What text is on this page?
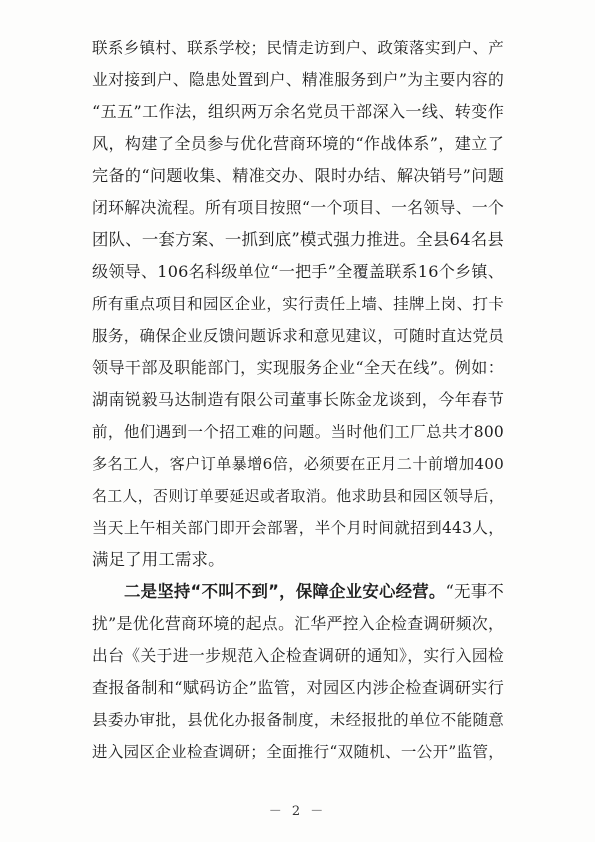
联系乡镇村、联系学校；民情走访到户、政策落实到户、产
业对接到户、隐患处置到户、精准服务到户”为主要内容的
“五五”工作法，组织两万余名党员干部深入一线、转变作
风，构建了全员参与优化营商环境的“作战体系”，建立了
完备的“问题收集、精准交办、限时办结、解决销号”问题
闭环解决流程。所有项目按照“一个项目、一名领导、一个
团队、一套方案、一抓到底”模式强力推进。全县64名县
级领导、106名科级单位“一把手”全覆盖联系16个乡镇、
所有重点项目和园区企业，实行责任上墙、挂牌上岗、打卡
服务，确保企业反馈问题诉求和意见建议，可随时直达党员
领导干部及职能部门，实现服务企业“全天在线”。例如：
湖南锐毅马达制造有限公司董事长陈金龙谈到，今年春节
前，他们遇到一个招工难的问题。当时他们工厂总共才800
多名工人，客户订单暴增6倍，必须要在正月二十前增加400
名工人，否则订单要延迟或者取消。他求助县和园区领导后，
当天上午相关部门即开会部署，半个月时间就招到443人，
满足了用工需求。
二是坚持“不叫不到”，保障企业安心经营。“无事不
扰”是优化营商环境的起点。汇华严控入企检查调研频次，
出台《关于进一步规范入企检查调研的通知》，实行入园检
查报备制和“赋码访企”监管，对园区内涉企检查调研实行
县委办审批，县优化办报备制度，未经报批的单位不能随意
进入园区企业检查调研；全面推行“双随机、一公开”监管，
－ 2 －
